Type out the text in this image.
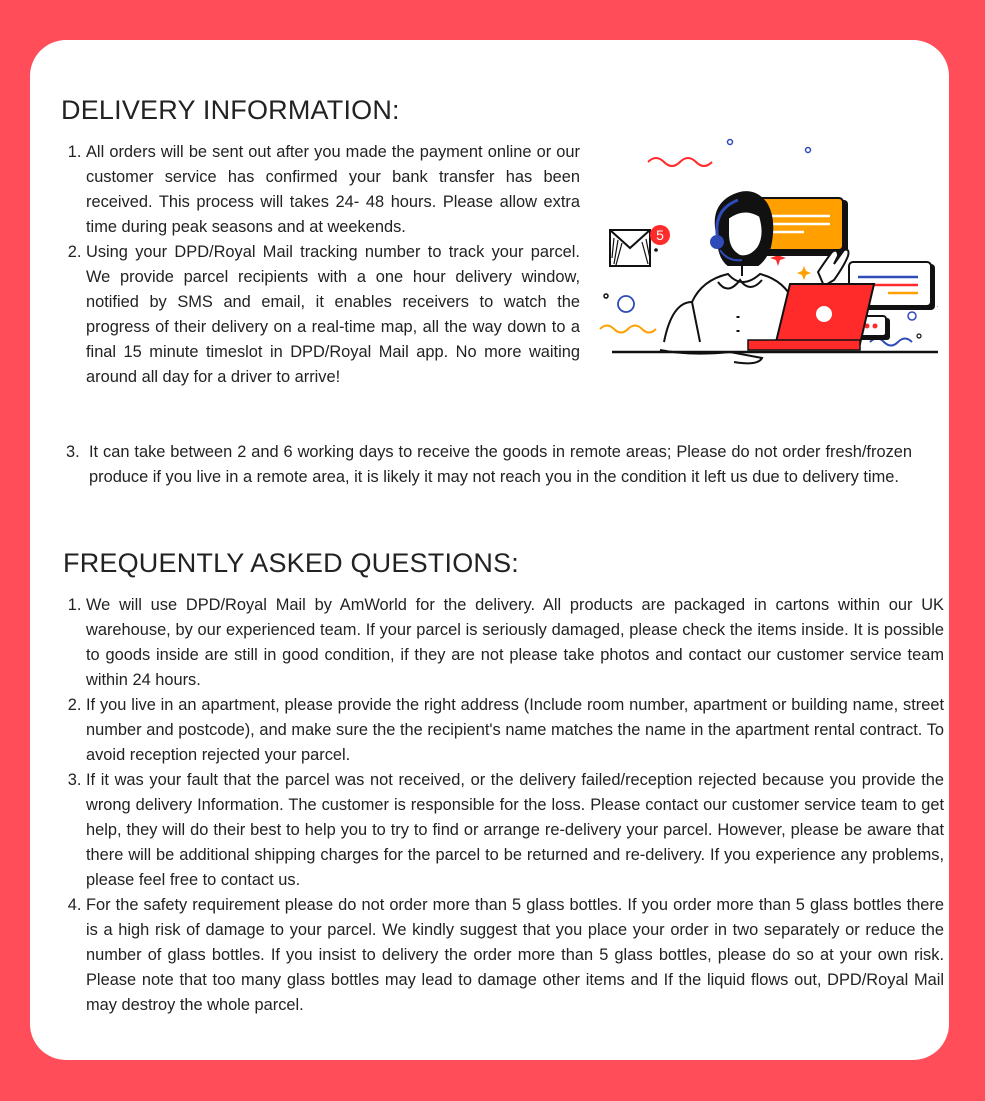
DELIVERY INFORMATION:
1. All orders will be sent out after you made the payment online or our customer service has confirmed your bank transfer has been received. This process will takes 24- 48 hours. Please allow extra time during peak seasons and at weekends.
2. Using your DPD/Royal Mail tracking number to track your parcel. We provide parcel recipients with a one hour delivery window, notified by SMS and email, it enables receivers to watch the progress of their delivery on a real-time map, all the way down to a final 15 minute timeslot in DPD/Royal Mail app. No more waiting around all day for a driver to arrive!
3. It can take between 2 and 6 working days to receive the goods in remote areas; Please do not order fresh/frozen produce if you live in a remote area, it is likely it may not reach you in the condition it left us due to delivery time.
5
FREQUENTLY ASKED QUESTIONS:
1. We will use DPD/Royal Mail by AmWorld for the delivery. All products are packaged in cartons within our UK warehouse, by our experienced team. If your parcel is seriously damaged, please check the items inside. It is possible to goods inside are still in good condition, if they are not please take photos and contact our customer service team within 24 hours.
2. If you live in an apartment, please provide the right address (Include room number, apartment or building name, street number and postcode), and make sure the the recipient's name matches the name in the apartment rental contract. To avoid reception rejected your parcel.
3. If it was your fault that the parcel was not received, or the delivery failed/reception rejected because you provide the wrong delivery Information. The customer is responsible for the loss. Please contact our customer service team to get help, they will do their best to help you to try to find or arrange re-delivery your parcel. However, please be aware that there will be additional shipping charges for the parcel to be returned and re-delivery. If you experience any problems, please feel free to contact us.
4. For the safety requirement please do not order more than 5 glass bottles. If you order more than 5 glass bottles there is a high risk of damage to your parcel. We kindly suggest that you place your order in two separately or reduce the number of glass bottles. If you insist to delivery the order more than 5 glass bottles, please do so at your own risk. Please note that too many glass bottles may lead to damage other items and If the liquid flows out, DPD/Royal Mail may destroy the whole parcel.
